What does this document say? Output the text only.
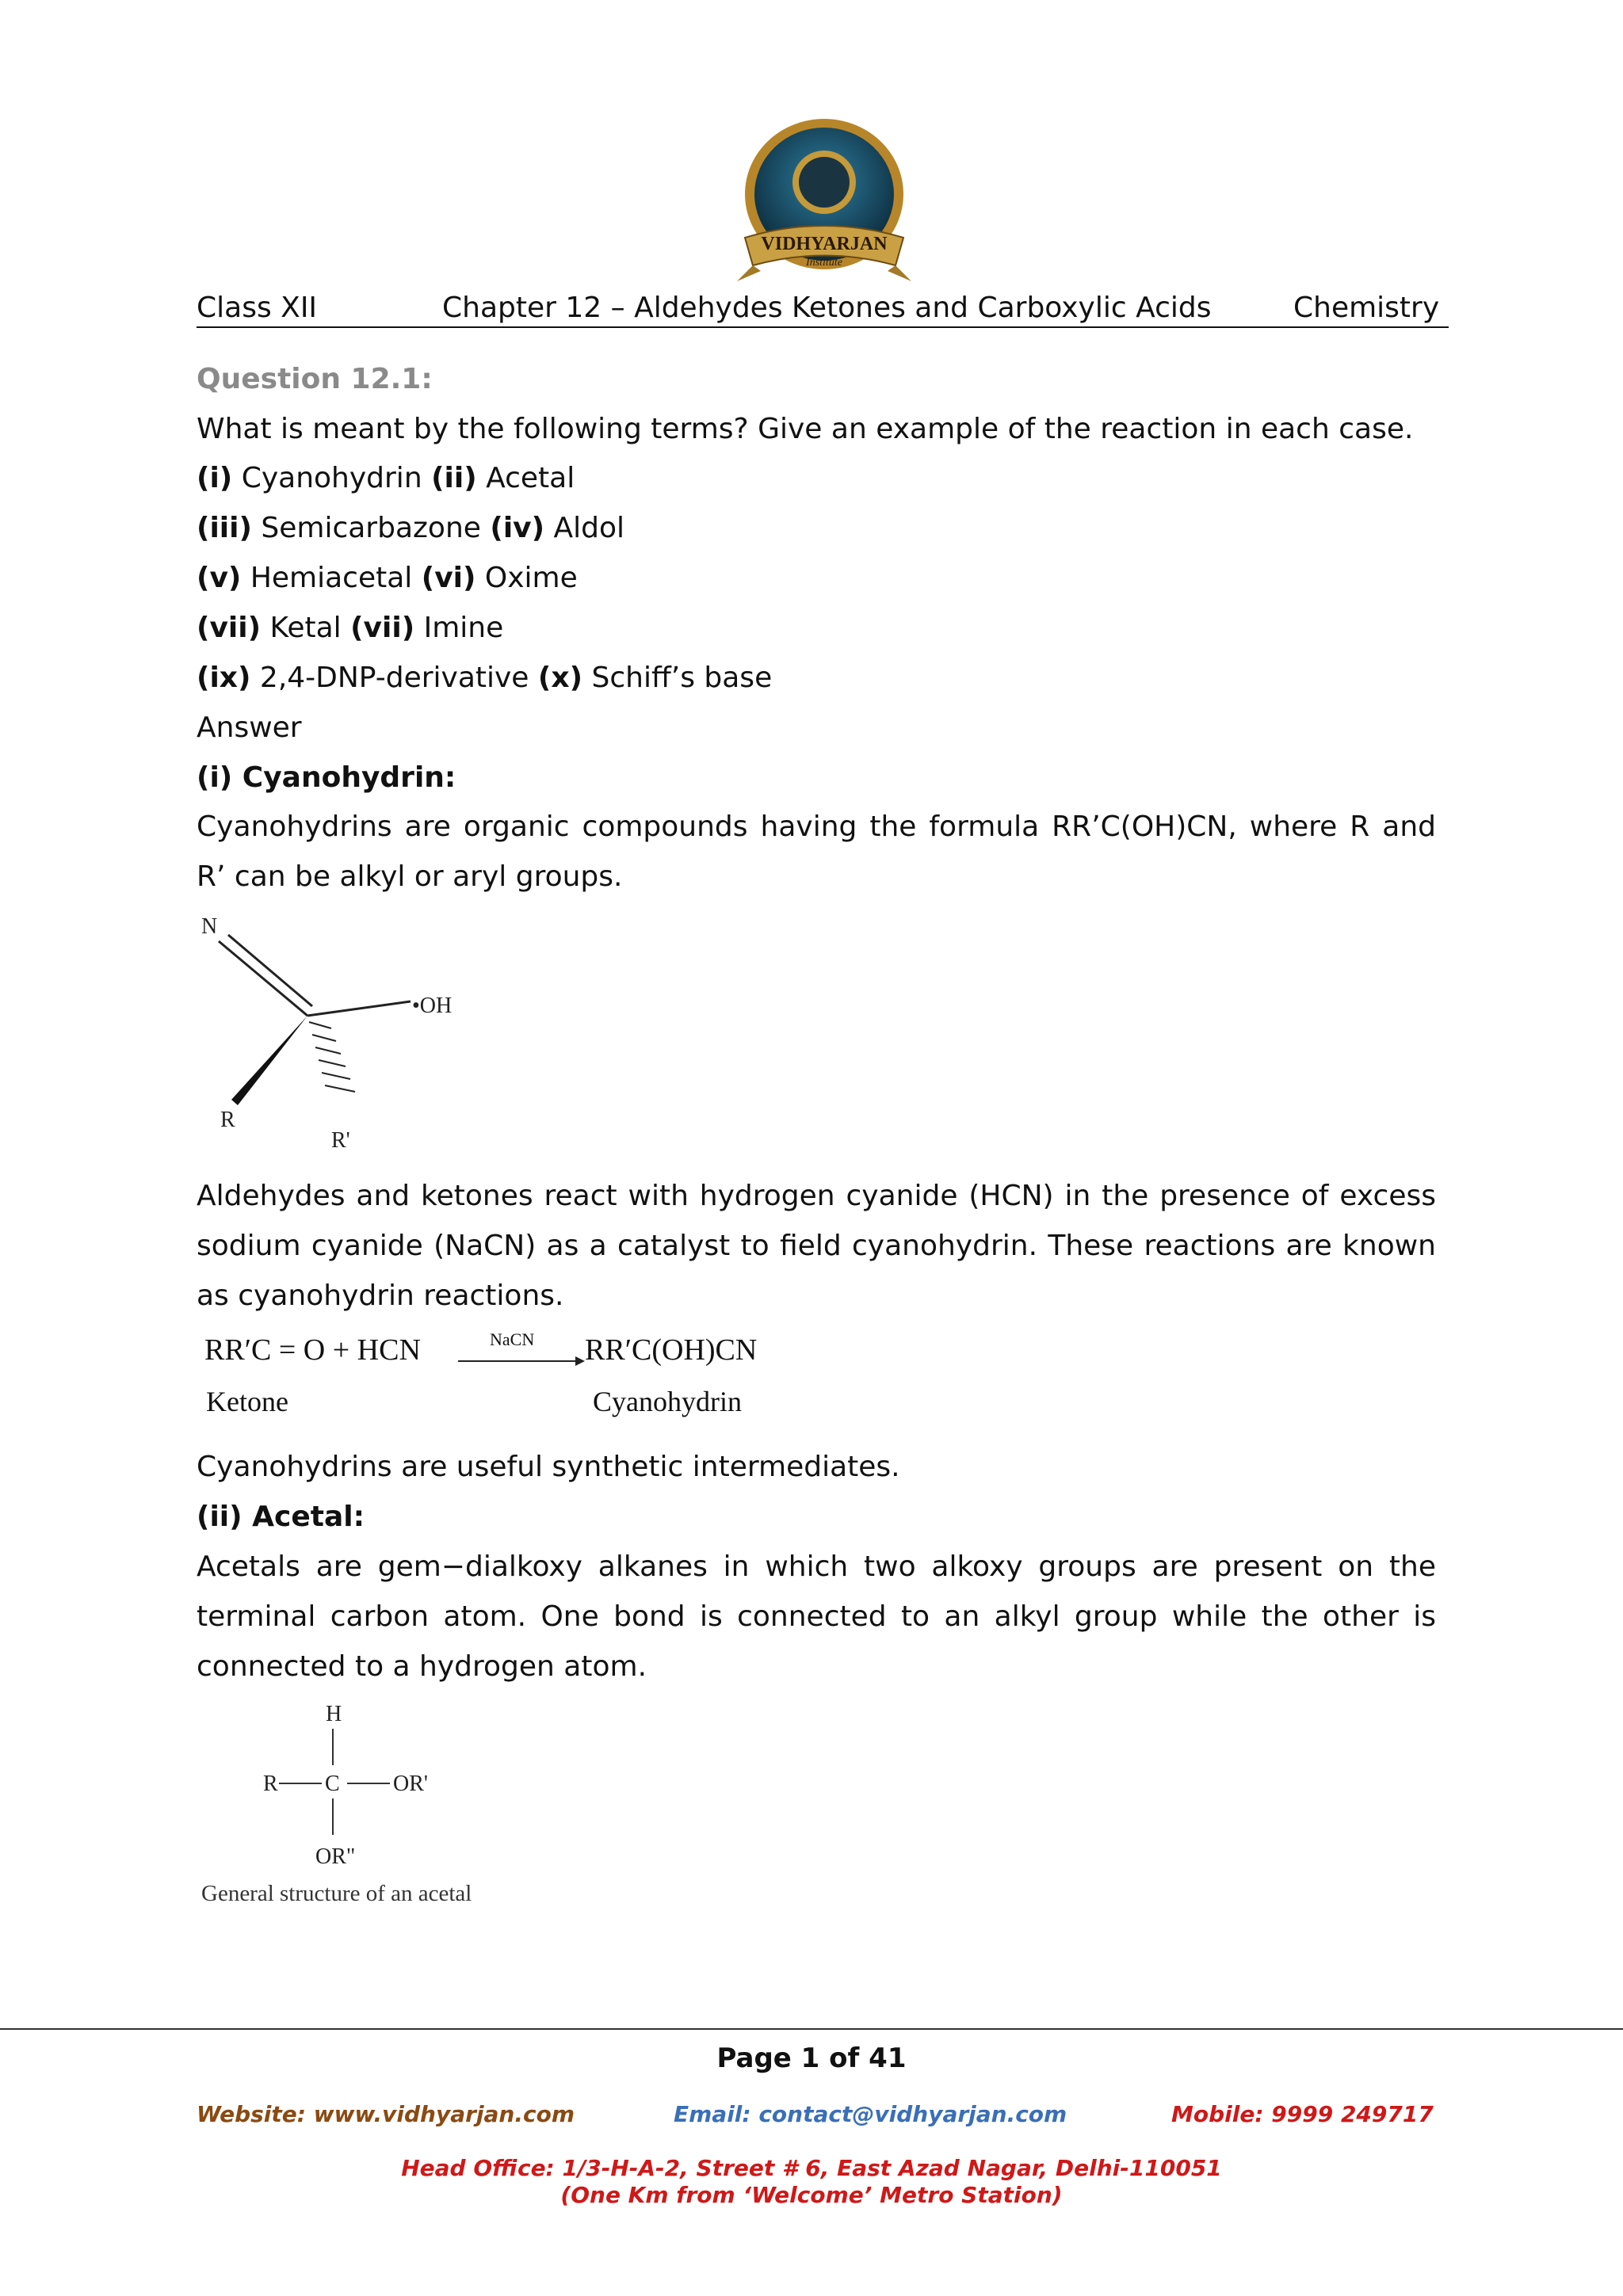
VIDHYARJAN
Institute
Class XII	Chapter 12 – Aldehydes Ketones and Carboxylic Acids	Chemistry
Question 12.1:
What is meant by the following terms? Give an example of the reaction in each case.
(i) Cyanohydrin (ii) Acetal
(iii) Semicarbazone (iv) Aldol
(v) Hemiacetal (vi) Oxime
(vii) Ketal (vii) Imine
(ix) 2,4-DNP-derivative (x) Schiff’s base
Answer
(i) Cyanohydrin:
Cyanohydrins are organic compounds having the formula RR’C(OH)CN, where R and R’ can be alkyl or aryl groups.
N
•OH
R
R'
Aldehydes and ketones react with hydrogen cyanide (HCN) in the presence of excess sodium cyanide (NaCN) as a catalyst to field cyanohydrin. These reactions are known as cyanohydrin reactions.
RR′C = O + HCN	NaCN RR′C(OH)CN
Ketone	Cyanohydrin
Cyanohydrins are useful synthetic intermediates.
(ii) Acetal:
Acetals are gem−dialkoxy alkanes in which two alkoxy groups are present on the terminal carbon atom. One bond is connected to an alkyl group while the other is connected to a hydrogen atom.
H
R C OR'
OR"
General structure of an acetal
Page 1 of 41
Website: www.vidhyarjan.com	Email: contact@vidhyarjan.com	Mobile: 9999 249717
Head Office: 1/3-H-A-2, Street # 6, East Azad Nagar, Delhi-110051
(One Km from ‘Welcome’ Metro Station)
